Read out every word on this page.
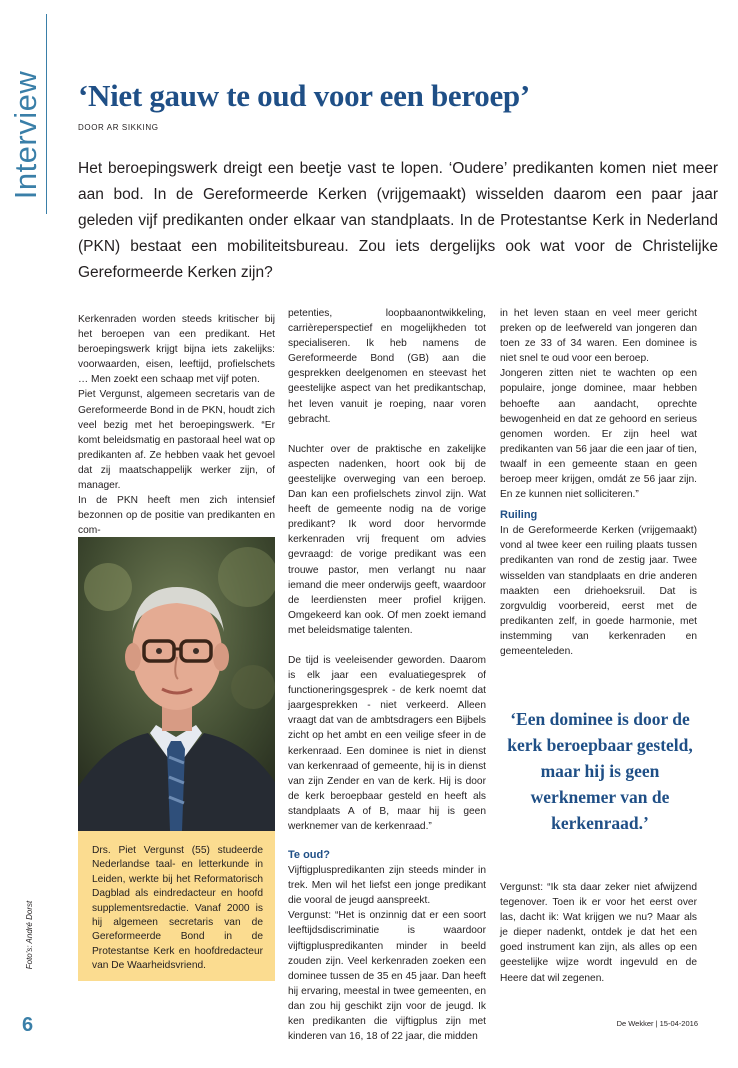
Interview ‘Niet gauw te oud voor een beroep’
DOOR AR SIKKING
Het beroepingswerk dreigt een beetje vast te lopen. ‘Oudere’ predikanten komen niet meer aan bod. In de Gereformeerde Kerken (vrijgemaakt) wisselden daarom een paar jaar geleden vijf predikanten onder elkaar van standplaats. In de Protestantse Kerk in Nederland (PKN) bestaat een mobiliteitsbureau. Zou iets dergelijks ook wat voor de Christelijke Gereformeerde Kerken zijn?

Kerkenraden worden steeds kritischer bij het beroepen van een predikant. Het beroepingswerk krijgt bijna iets zakelijks: voorwaarden, eisen, leeftijd, profielschets … Men zoekt een schaap met vijf poten.

Piet Vergunst, algemeen secretaris van de Gereformeerde Bond in de PKN, houdt zich veel bezig met het beroepingswerk. “Er komt beleidsmatig en pastoraal heel wat op predikanten af. Ze hebben vaak het gevoel dat zij maatschappelijk werker zijn, of manager.

In de PKN heeft men zich intensief bezonnen op de positie van predikanten en com-

Drs. Piet Vergunst (55) studeerde Nederlandse taal- en letterkunde in Leiden, werkte bij het Reformatorisch Dagblad als eindredacteur en hoofd supplementsredactie. Vanaf 2000 is hij algemeen secretaris van de Gereformeerde Bond in de Protestantse Kerk en hoofdredacteur van De Waarheidsvriend.

petenties, loopbaanontwikkeling, carrièreperspectief en mogelijkheden tot specialiseren. Ik heb namens de Gereformeerde Bond (GB) aan die gesprekken deelgenomen en steevast het geestelijke aspect van het predikantschap, het leven vanuit je roeping, naar voren gebracht.

Nuchter over de praktische en zakelijke aspecten nadenken, hoort ook bij de geestelijke overweging van een beroep. Dan kan een profielschets zinvol zijn. Wat heeft de gemeente nodig na de vorige predikant? Ik word door hervormde kerkenraden vrij frequent om advies gevraagd: de vorige predikant was een trouwe pastor, men verlangt nu naar iemand die meer onderwijs geeft, waardoor de leerdiensten meer profiel krijgen. Omgekeerd kan ook. Of men zoekt iemand met beleidsmatige talenten.

De tijd is veeleisender geworden. Daarom is elk jaar een evaluatiegesprek of functioneringsgesprek - de kerk noemt dat jaargesprekken - niet verkeerd. Alleen vraagt dat van de ambtsdragers een Bijbels zicht op het ambt en een veilige sfeer in de kerkenraad. Een dominee is niet in dienst van kerkenraad of gemeente, hij is in dienst van zijn Zender en van de kerk. Hij is door de kerk beroepbaar gesteld en heeft als standplaats A of B, maar hij is geen werknemer van de kerkenraad.”

Te oud?

Vijftigpluspredikanten zijn steeds minder in trek. Men wil het liefst een jonge predikant die vooral de jeugd aanspreekt.

Vergunst: “Het is onzinnig dat er een soort leeftijdsdiscriminatie is waardoor vijftigpluspredikanten minder in beeld zouden zijn. Veel kerkenraden zoeken een dominee tussen de 35 en 45 jaar. Dan heeft hij ervaring, meestal in twee gemeenten, en dan zou hij geschikt zijn voor de jeugd. Ik ken predikanten die vijftigplus zijn met kinderen van 16, 18 of 22 jaar, die midden

in het leven staan en veel meer gericht preken op de leefwereld van jongeren dan toen ze 33 of 34 waren. Een dominee is niet snel te oud voor een beroep.

Jongeren zitten niet te wachten op een populaire, jonge dominee, maar hebben behoefte aan aandacht, oprechte bewogenheid en dat ze gehoord en serieus genomen worden. Er zijn heel wat predikanten van 56 jaar die een jaar of tien, twaalf in een gemeente staan en geen beroep meer krijgen, omdát ze 56 jaar zijn. En ze kunnen niet solliciteren.”

Ruiling

In de Gereformeerde Kerken (vrijgemaakt) vond al twee keer een ruiling plaats tussen predikanten van rond de zestig jaar. Twee wisselden van standplaats en drie anderen maakten een driehoeksruil. Dat is zorgvuldig voorbereid, eerst met de predikanten zelf, in goede harmonie, met instemming van kerkenraden en gemeenteleden.

‘Een dominee is door de kerk beroepbaar gesteld, maar hij is geen werknemer van de kerkenraad.’

Vergunst: “Ik sta daar zeker niet afwijzend tegenover. Toen ik er voor het eerst over las, dacht ik: Wat krijgen we nu? Maar als je dieper nadenkt, ontdek je dat het een goed instrument kan zijn, als alles op een geestelijke wijze wordt ingevuld en de Heere dat wil zegenen.

Foto’s: André Dorst
6	De Wekker | 15-04-2016
